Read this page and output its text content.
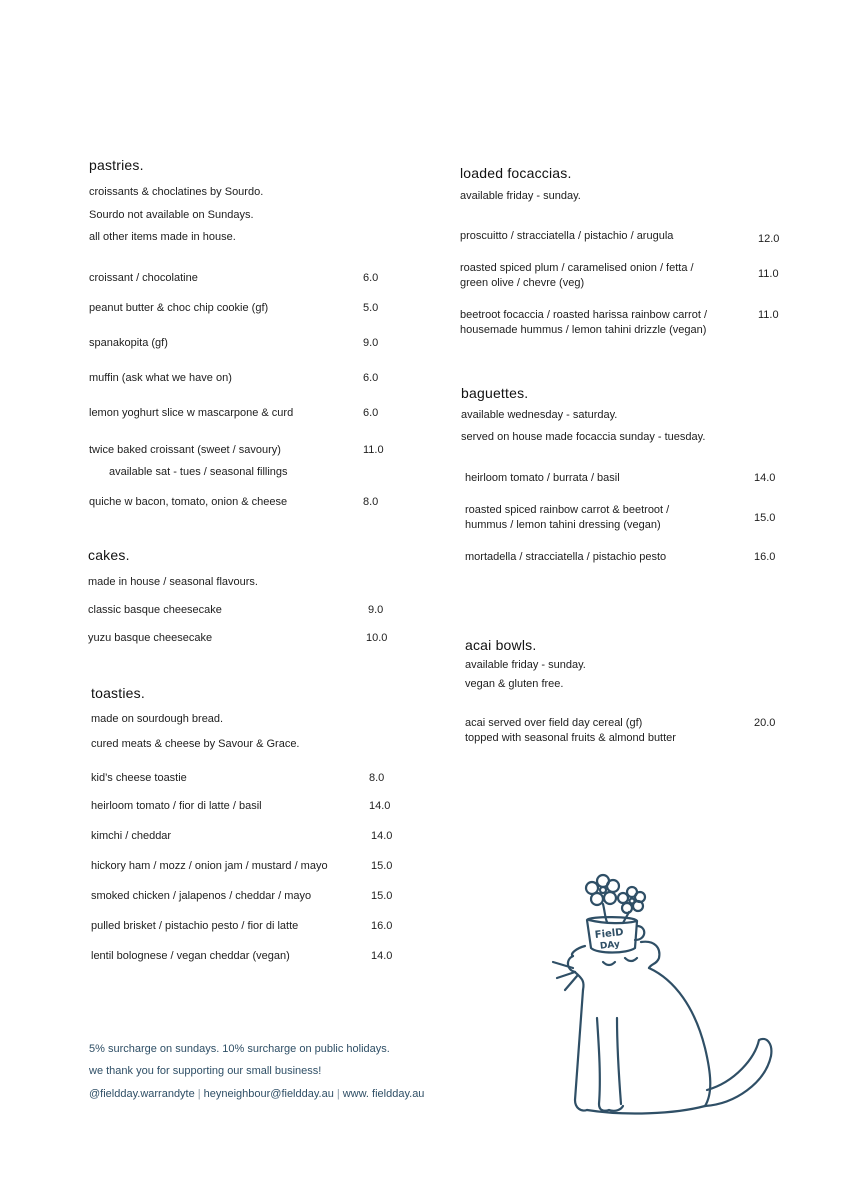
pastries.
croissants & choclatines by Sourdo.
Sourdo not available on Sundays.
all other items made in house.
croissant / chocolatine	6.0
peanut butter & choc chip cookie (gf)	5.0
spanakopita (gf)	9.0
muffin (ask what we have on)	6.0
lemon yoghurt slice w mascarpone & curd	6.0
twice baked croissant (sweet / savoury)	11.0
available sat - tues / seasonal fillings
quiche w bacon, tomato, onion & cheese	8.0
cakes.
made in house / seasonal flavours.
classic basque cheesecake	9.0
yuzu basque cheesecake	10.0
toasties.
made on sourdough bread.
cured meats & cheese by Savour & Grace.
kid’s cheese toastie	8.0
heirloom tomato / fior di latte / basil	14.0
kimchi / cheddar	14.0
hickory ham / mozz / onion jam / mustard / mayo	15.0
smoked chicken / jalapenos / cheddar / mayo	15.0
pulled brisket / pistachio pesto / fior di latte	16.0
lentil bolognese / vegan cheddar (vegan)	14.0
loaded focaccias.
available friday - sunday.
proscuitto / stracciatella / pistachio / arugula	12.0
roasted spiced plum / caramelised onion / fetta /
green olive / chevre (veg)
11.0
beetroot focaccia / roasted harissa rainbow carrot /
housemade hummus / lemon tahini drizzle (vegan)
11.0
baguettes.
available wednesday - saturday.
served on house made focaccia sunday - tuesday.
heirloom tomato / burrata / basil	14.0
roasted spiced rainbow carrot & beetroot /
hummus / lemon tahini dressing (vegan)
15.0
mortadella / stracciatella / pistachio pesto	16.0
acai bowls.
available friday - sunday.
vegan & gluten free.
acai served over field day cereal (gf)
topped with seasonal fruits & almond butter
20.0
5% surcharge on sundays. 10% surcharge on public holidays.
we thank you for supporting our small business!
@fieldday.warrandyte | heyneighbour@fieldday.au | www. fieldday.au
FielD
DAy
